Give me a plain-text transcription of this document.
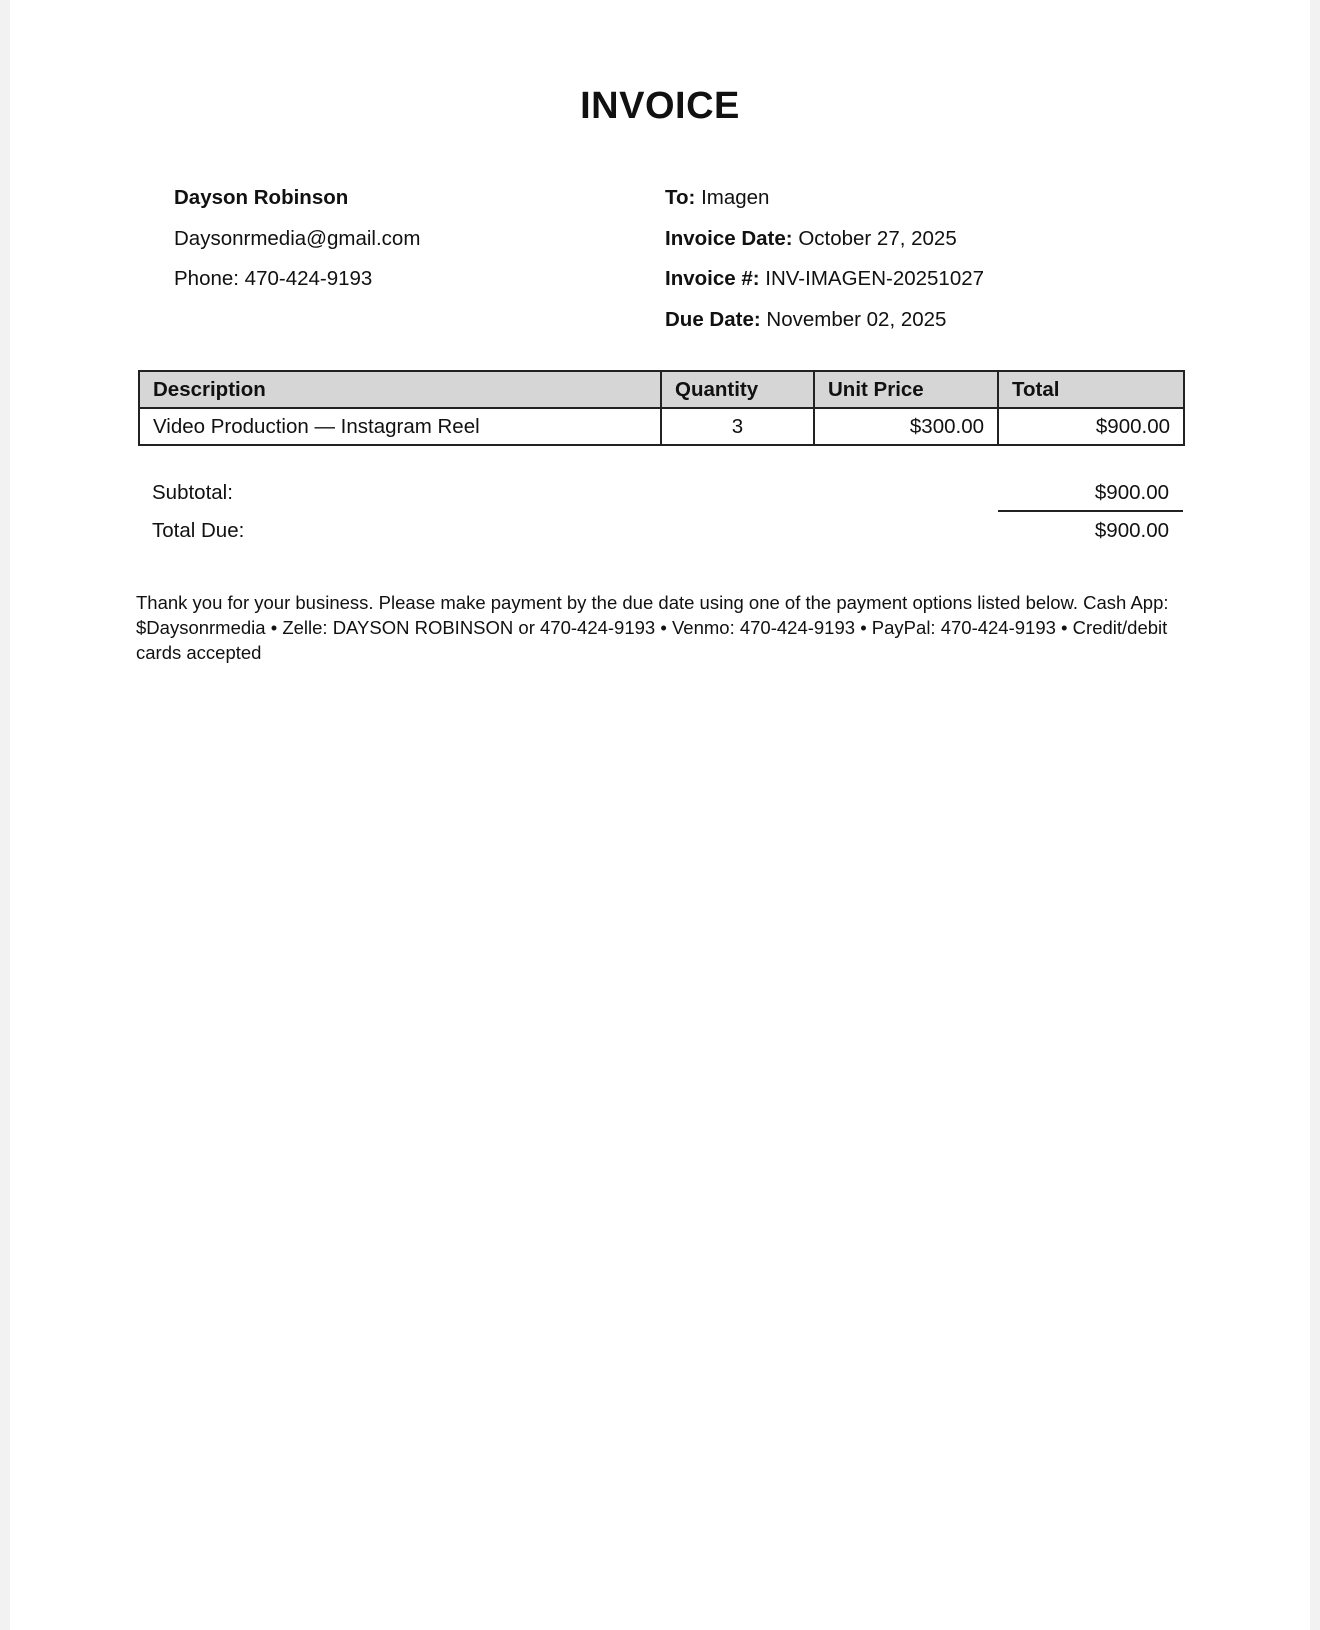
INVOICE
Dayson Robinson
Daysonrmedia@gmail.com
Phone: 470-424-9193
To: Imagen
Invoice Date: October 27, 2025
Invoice #: INV-IMAGEN-20251027
Due Date: November 02, 2025
Description	Quantity	Unit Price	Total
Video Production — Instagram Reel	3	$300.00	$900.00
Subtotal:	$900.00
Total Due:	$900.00
Thank you for your business. Please make payment by the due date using one of the payment options listed below. Cash App: $Daysonrmedia • Zelle: DAYSON ROBINSON or 470-424-9193 • Venmo: 470-424-9193 • PayPal: 470-424-9193 • Credit/debit cards accepted
